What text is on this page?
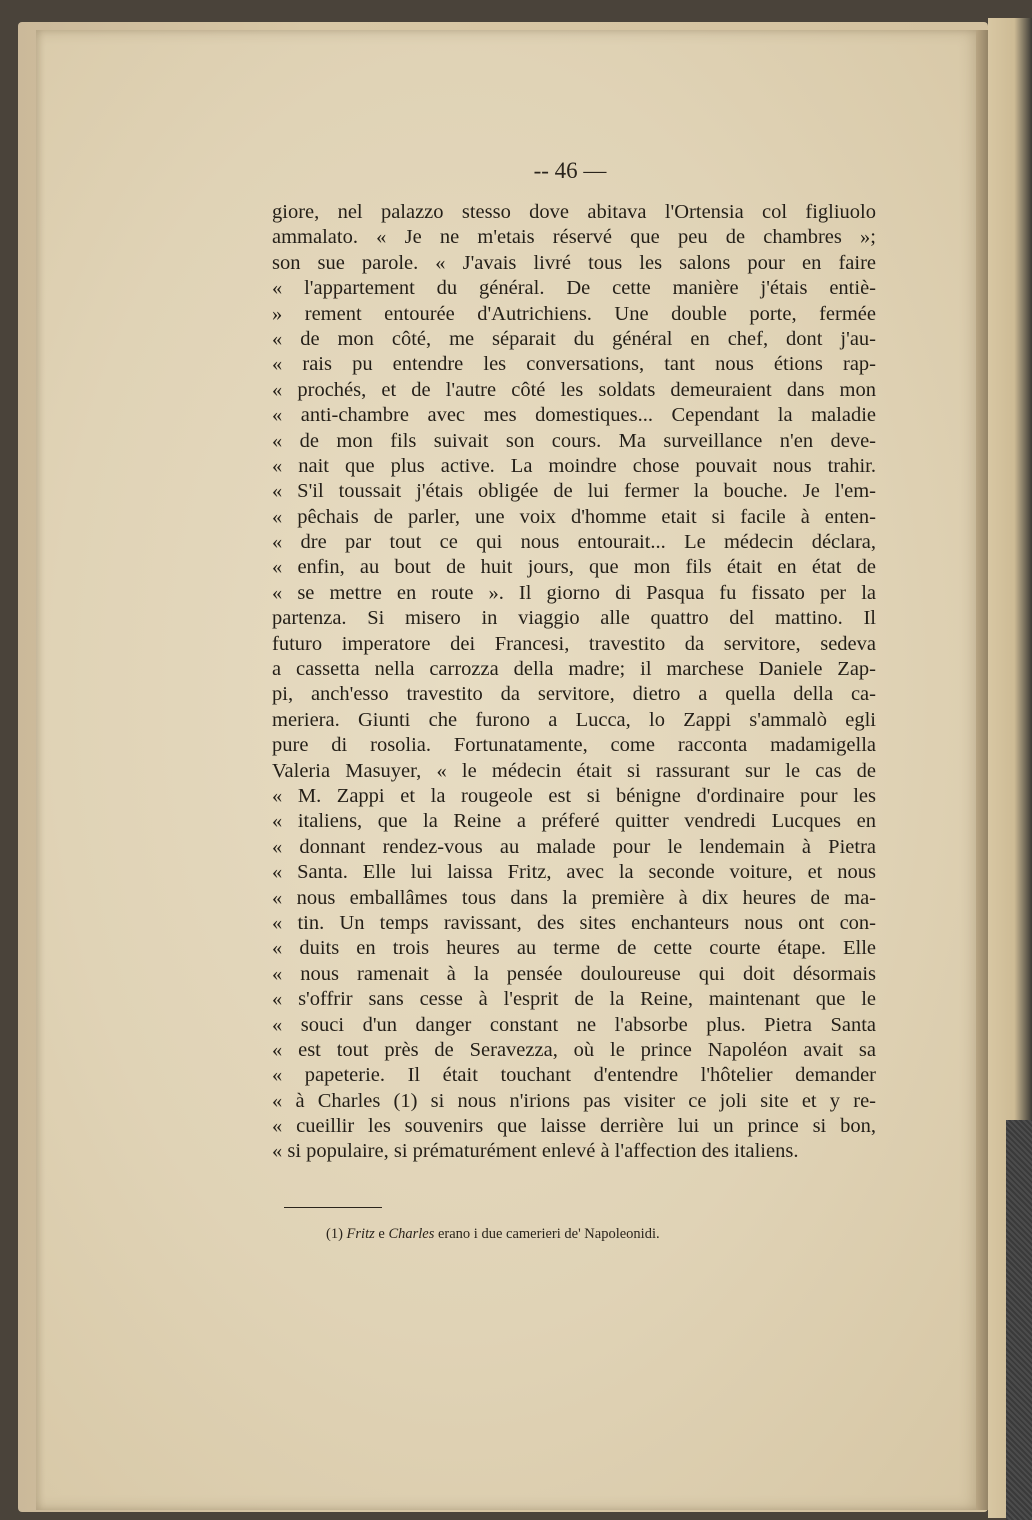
-- 46 —
giore, nel palazzo stesso dove abitava l'Ortensia col figliuolo
ammalato. « Je ne m'etais réservé que peu de chambres »;
son sue parole. « J'avais livré tous les salons pour en faire
« l'appartement du général. De cette manière j'étais entiè-
» rement entourée d'Autrichiens. Une double porte, fermée
« de mon côté, me séparait du général en chef, dont j'au-
« rais pu entendre les conversations, tant nous étions rap-
« prochés, et de l'autre côté les soldats demeuraient dans mon
« anti-chambre avec mes domestiques... Cependant la maladie
« de mon fils suivait son cours. Ma surveillance n'en deve-
« nait que plus active. La moindre chose pouvait nous trahir.
« S'il toussait j'étais obligée de lui fermer la bouche. Je l'em-
« pêchais de parler, une voix d'homme etait si facile à enten-
« dre par tout ce qui nous entourait... Le médecin déclara,
« enfin, au bout de huit jours, que mon fils était en état de
« se mettre en route ». Il giorno di Pasqua fu fissato per la
partenza. Si misero in viaggio alle quattro del mattino. Il
futuro imperatore dei Francesi, travestito da servitore, sedeva
a cassetta nella carrozza della madre; il marchese Daniele Zap-
pi, anch'esso travestito da servitore, dietro a quella della ca-
meriera. Giunti che furono a Lucca, lo Zappi s'ammalò egli
pure di rosolia. Fortunatamente, come racconta madamigella
Valeria Masuyer, « le médecin était si rassurant sur le cas de
« M. Zappi et la rougeole est si bénigne d'ordinaire pour les
« italiens, que la Reine a préferé quitter vendredi Lucques en
« donnant rendez-vous au malade pour le lendemain à Pietra
« Santa. Elle lui laissa Fritz, avec la seconde voiture, et nous
« nous emballâmes tous dans la première à dix heures de ma-
« tin. Un temps ravissant, des sites enchanteurs nous ont con-
« duits en trois heures au terme de cette courte étape. Elle
« nous ramenait à la pensée douloureuse qui doit désormais
« s'offrir sans cesse à l'esprit de la Reine, maintenant que le
« souci d'un danger constant ne l'absorbe plus. Pietra Santa
« est tout près de Seravezza, où le prince Napoléon avait sa
« papeterie. Il était touchant d'entendre l'hôtelier demander
« à Charles (1) si nous n'irions pas visiter ce joli site et y re-
« cueillir les souvenirs que laisse derrière lui un prince si bon,
« si populaire, si prématurément enlevé à l'affection des italiens.
(1) Fritz e Charles erano i due camerieri de' Napoleonidi.
